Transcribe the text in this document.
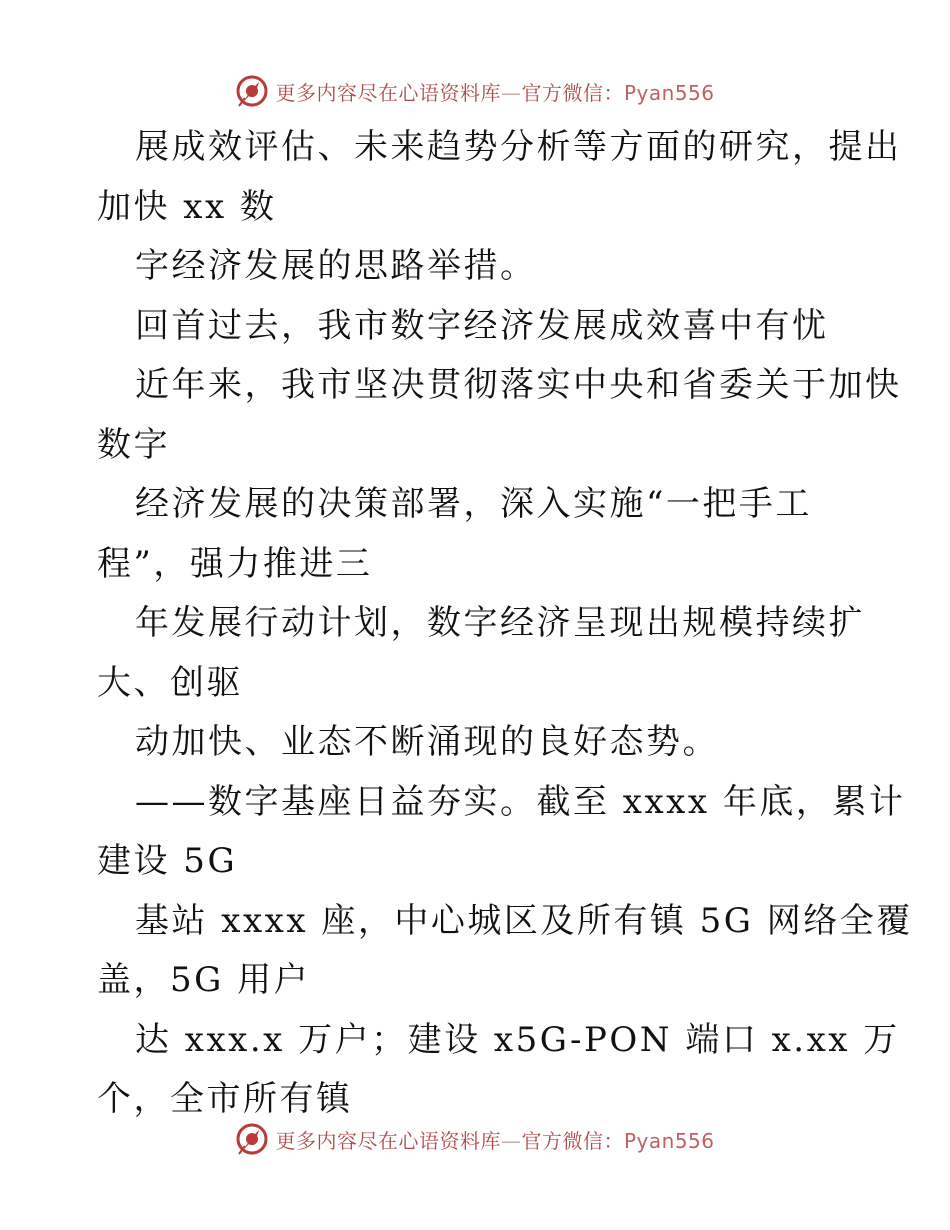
更多内容尽在心语资料库—官方微信：Pyan556
展成效评估、未来趋势分析等方面的研究，提出
加快 xx 数
字经济发展的思路举措。
回首过去，我市数字经济发展成效喜中有忧
近年来，我市坚决贯彻落实中央和省委关于加快
数字
经济发展的决策部署，深入实施“一把手工
程”，强力推进三
年发展行动计划，数字经济呈现出规模持续扩
大、创驱
动加快、业态不断涌现的良好态势。
——数字基座日益夯实。截至 xxxx 年底，累计
建设 5G
基站 xxxx 座，中心城区及所有镇 5G 网络全覆
盖，5G 用户
达 xxx.x 万户；建设 x5G-PON 端口 x.xx 万
个，全市所有镇
更多内容尽在心语资料库—官方微信：Pyan556
